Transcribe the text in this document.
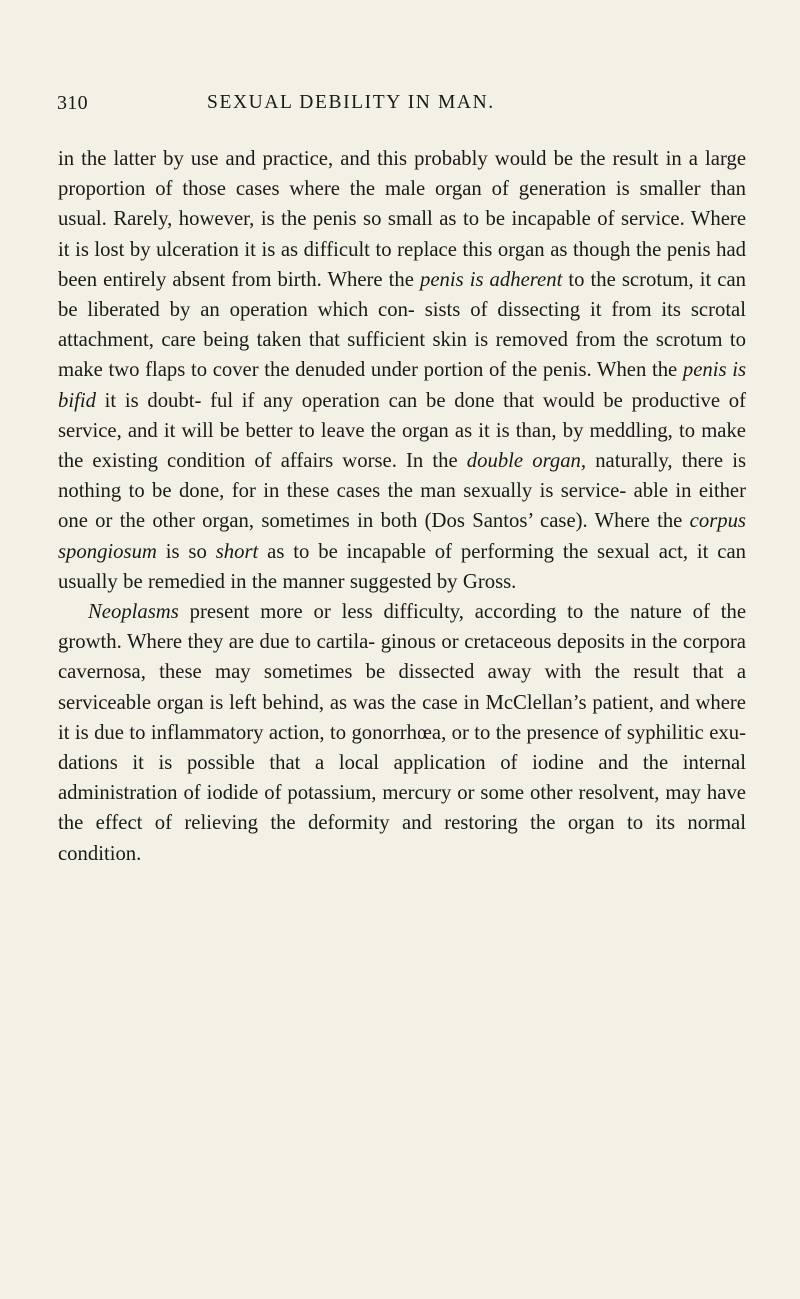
310	SEXUAL DEBILITY IN MAN.

in the latter by use and practice, and this probably would be the result in a large proportion of those cases where the male organ of generation is smaller than usual. Rarely, however, is the penis so small as to be incapable of service. Where it is lost by ulceration it is as difficult to replace this organ as though the penis had been entirely absent from birth. Where the penis is adherent to the scrotum, it can be liberated by an operation which con- sists of dissecting it from its scrotal attachment, care being taken that sufficient skin is removed from the scrotum to make two flaps to cover the denuded under portion of the penis. When the penis is bifid it is doubt- ful if any operation can be done that would be productive of service, and it will be better to leave the organ as it is than, by meddling, to make the existing condition of affairs worse. In the double organ, naturally, there is nothing to be done, for in these cases the man sexually is service- able in either one or the other organ, sometimes in both (Dos Santos’ case). Where the corpus spongiosum is so short as to be incapable of performing the sexual act, it can usually be remedied in the manner suggested by Gross.

Neoplasms present more or less difficulty, according to the nature of the growth. Where they are due to cartila- ginous or cretaceous deposits in the corpora cavernosa, these may sometimes be dissected away with the result that a serviceable organ is left behind, as was the case in McClellan’s patient, and where it is due to inflammatory action, to gonorrhœa, or to the presence of syphilitic exu- dations it is possible that a local application of iodine and the internal administration of iodide of potassium, mercury or some other resolvent, may have the effect of relieving the deformity and restoring the organ to its normal condition.
